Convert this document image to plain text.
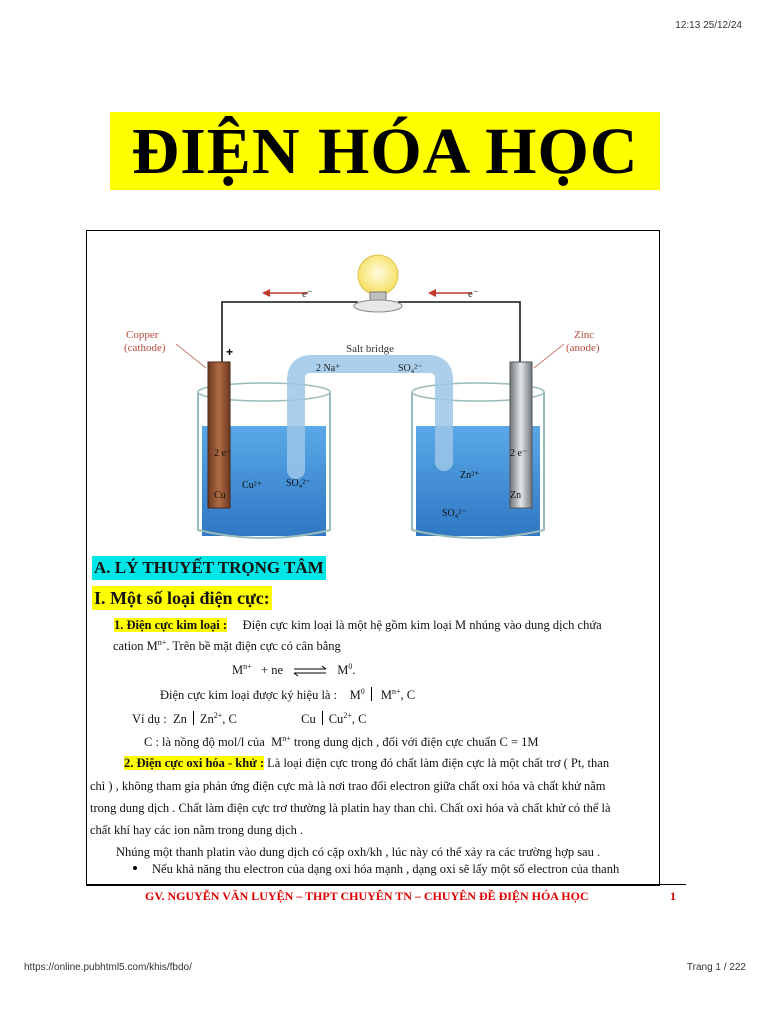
12:13 25/12/24
ĐIỆN HÓA HỌC
e⁻	e⁻
Copper
(cathode)
Zinc
(anode)
+	Salt bridge
2 Na⁺	SO₄²⁻
2 e⁻
Cu
Cu²⁺ SO₄²⁻
2 e⁻
Zn²⁺
Zn
SO₄²⁻
A. LÝ THUYẾT TRỌNG TÂM
I. Một số loại điện cực:
1. Điện cực kim loại : Điện cực kim loại là một hệ gồm kim loại M nhúng vào dung dịch chứa
cation $M^{n+}$. Trên bề mặt điện cực có cân bằng
$M^{n+}$ + ne ⇌ $M^0$.
Điện cực kim loại được ký hiệu là : $M^0$ $M^{n+}$, C
Ví dụ : Zn $Zn^{2+}$, C	Cu $Cu^{2+}$, C
C : là nồng độ mol/l của $M^{n+}$ trong dung dịch , đối với điện cực chuẩn C = 1M
2. Điện cực oxi hóa - khử : Là loại điện cực trong đó chất làm điện cực là một chất trơ ( Pt, than
chì ) , không tham gia phản ứng điện cực mà là nơi trao đổi electron giữa chất oxi hóa và chất khử nằm
trong dung dịch . Chất làm điện cực trơ thường là platin hay than chì. Chất oxi hóa và chất khử có thể là
chất khí hay các ion nằm trong dung dịch .
Nhúng một thanh platin vào dung dịch có cặp oxh/kh , lúc này có thể xảy ra các trường hợp sau .
Nếu khả năng thu electron của dạng oxi hóa mạnh , dạng oxi sẽ lấy một số electron của thanh
GV. NGUYỄN VĂN LUYỆN – THPT CHUYÊN TN – CHUYÊN ĐỀ ĐIỆN HÓA HỌC	1
https://online.pubhtml5.com/khis/fbdo/	Trang 1 / 222
